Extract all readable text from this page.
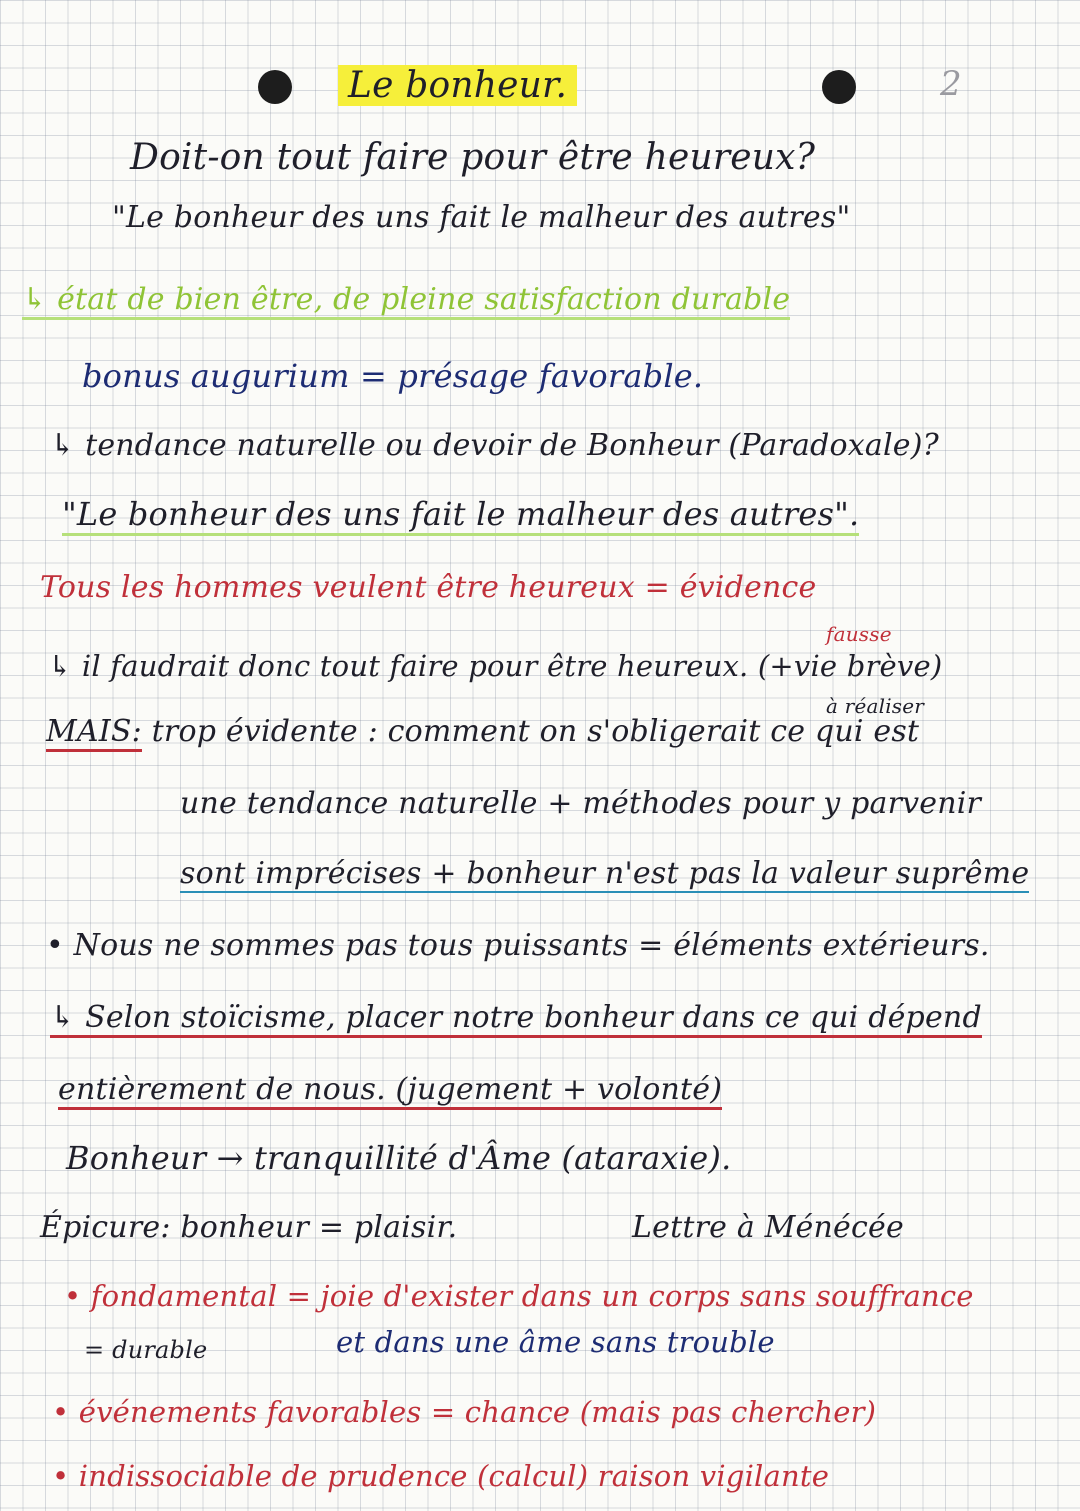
2
Le bonheur.
Doit-on tout faire pour être heureux?
"Le bonheur des uns fait le malheur des autres"
↳ état de bien être, de pleine satisfaction durable
bonus augurium = présage favorable.
↳ tendance naturelle ou devoir de Bonheur (Paradoxale)?
"Le bonheur des uns fait le malheur des autres".
Tous les hommes veulent être heureux = évidence
fausse
↳ il faudrait donc tout faire pour être heureux. (+vie brève)
à réaliser
MAIS: trop évidente : comment on s'obligerait ce qui est
une tendance naturelle + méthodes pour y parvenir
sont imprécises + bonheur n'est pas la valeur suprême
• Nous ne sommes pas tous puissants = éléments extérieurs.
↳ Selon stoïcisme, placer notre bonheur dans ce qui dépend
entièrement de nous. (jugement + volonté)
Bonheur → tranquillité d'Âme (ataraxie).
Épicure: bonheur = plaisir.	Lettre à Ménécée
• fondamental = joie d'exister dans un corps sans souffrance
= durable	et dans une âme sans trouble
• événements favorables = chance (mais pas chercher)
• indissociable de prudence (calcul) raison vigilante
